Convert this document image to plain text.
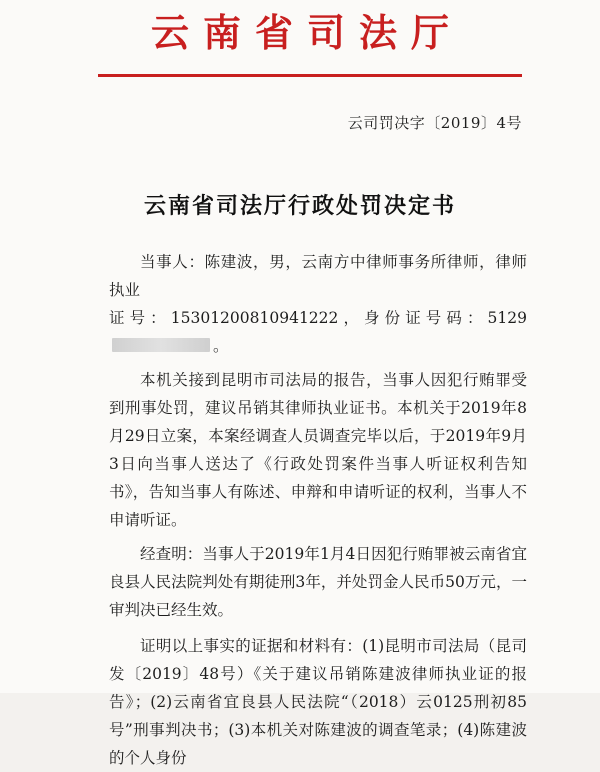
云南省司法厅
云司罚决字〔2019〕4号
云南省司法厅行政处罚决定书

当事人：陈建波，男，云南方中律师事务所律师，律师执业
证号：15301200810941222，身份证号码：5129。

本机关接到昆明市司法局的报告，当事人因犯行贿罪受到刑事处罚，建议吊销其律师执业证书。本机关于2019年8月29日立案，本案经调查人员调查完毕以后，于2019年9月3日向当事人送达了《行政处罚案件当事人听证权利告知书》，告知当事人有陈述、申辩和申请听证的权利，当事人不申请听证。

经查明：当事人于2019年1月4日因犯行贿罪被云南省宜良县人民法院判处有期徒刑3年，并处罚金人民币50万元，一审判决已经生效。

证明以上事实的证据和材料有：(1)昆明市司法局（昆司发〔2019〕48号）《关于建议吊销陈建波律师执业证的报告》；(2)云南省宜良县人民法院“（2018）云0125刑初85号”刑事判决书；(3)本机关对陈建波的调查笔录；(4)陈建波的个人身份
